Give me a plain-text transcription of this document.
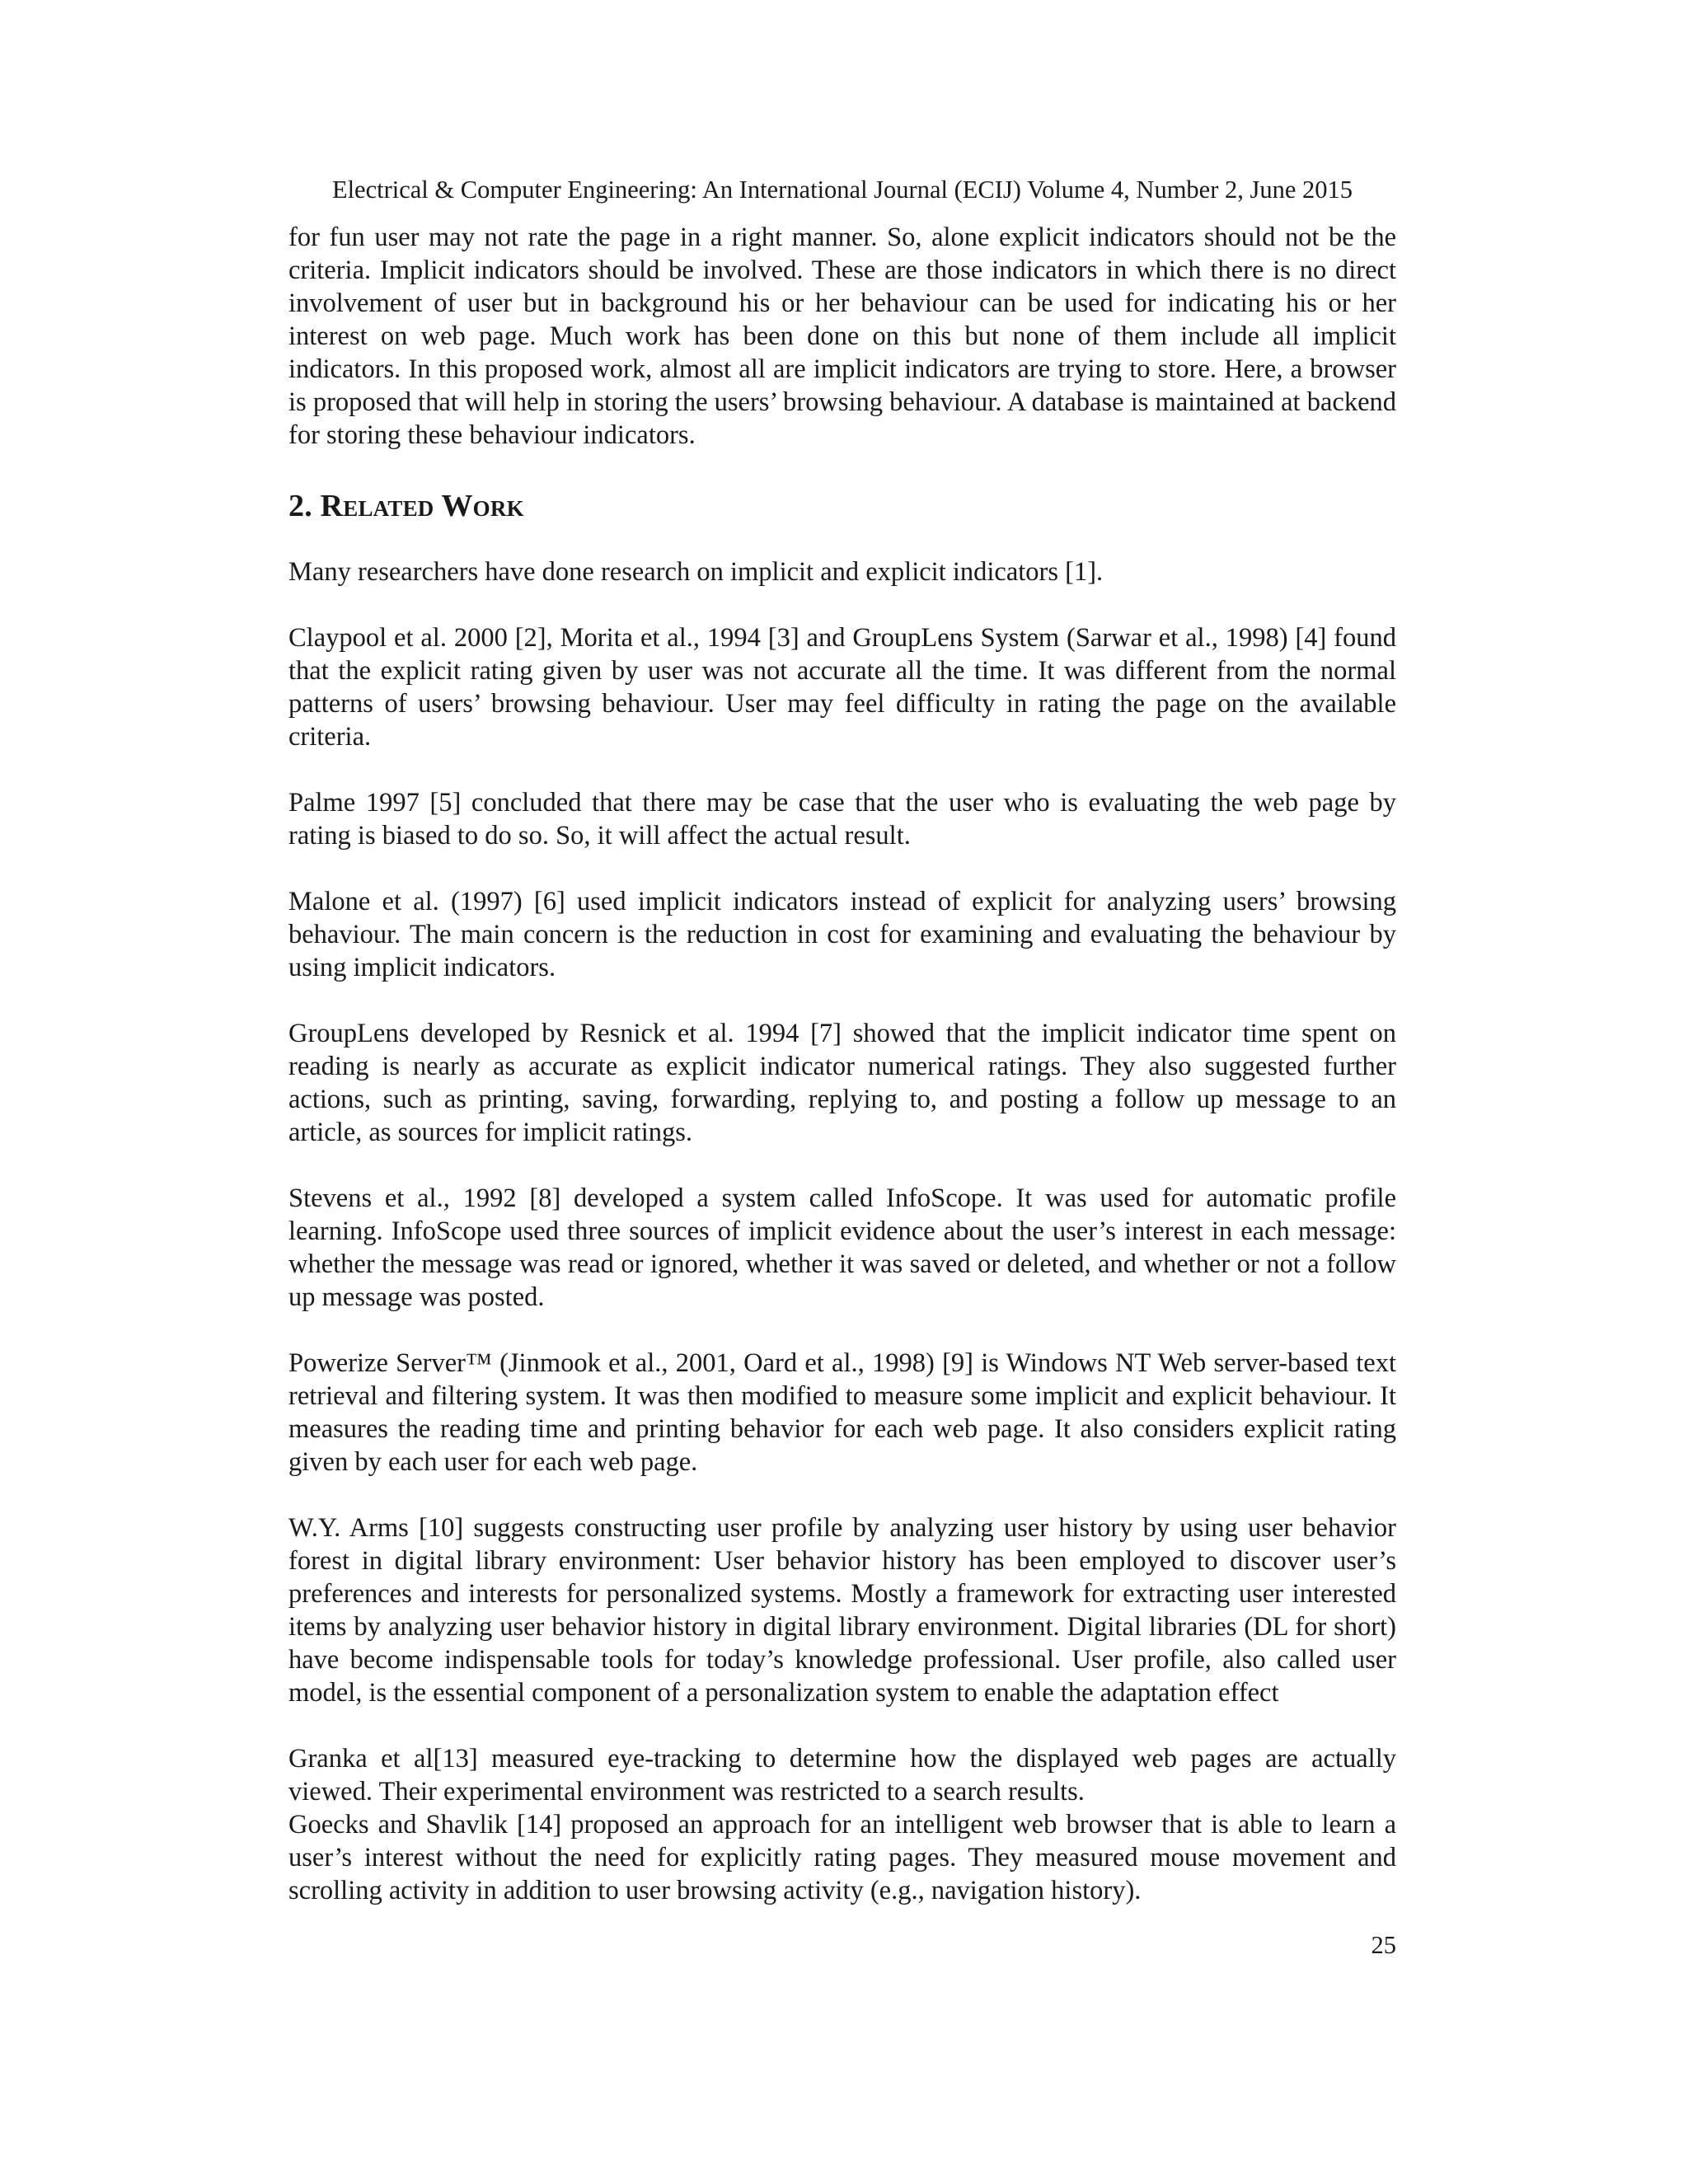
Electrical & Computer Engineering: An International Journal (ECIJ) Volume 4, Number 2, June 2015

for fun user may not rate the page in a right manner. So, alone explicit indicators should not be the criteria. Implicit indicators should be involved. These are those indicators in which there is no direct involvement of user but in background his or her behaviour can be used for indicating his or her interest on web page. Much work has been done on this but none of them include all implicit indicators. In this proposed work, almost all are implicit indicators are trying to store. Here, a browser is proposed that will help in storing the users’ browsing behaviour. A database is maintained at backend for storing these behaviour indicators.

2. Related Work

Many researchers have done research on implicit and explicit indicators [1].

Claypool et al. 2000 [2], Morita et al., 1994 [3] and GroupLens System (Sarwar et al., 1998) [4] found that the explicit rating given by user was not accurate all the time. It was different from the normal patterns of users’ browsing behaviour. User may feel difficulty in rating the page on the available criteria.

Palme 1997 [5] concluded that there may be case that the user who is evaluating the web page by rating is biased to do so. So, it will affect the actual result.

Malone et al. (1997) [6] used implicit indicators instead of explicit for analyzing users’ browsing behaviour. The main concern is the reduction in cost for examining and evaluating the behaviour by using implicit indicators.

GroupLens developed by Resnick et al. 1994 [7] showed that the implicit indicator time spent on reading is nearly as accurate as explicit indicator numerical ratings. They also suggested further actions, such as printing, saving, forwarding, replying to, and posting a follow up message to an article, as sources for implicit ratings.

Stevens et al., 1992 [8] developed a system called InfoScope. It was used for automatic profile learning. InfoScope used three sources of implicit evidence about the user’s interest in each message: whether the message was read or ignored, whether it was saved or deleted, and whether or not a follow up message was posted.

Powerize Server™ (Jinmook et al., 2001, Oard et al., 1998) [9] is Windows NT Web server-based text retrieval and filtering system. It was then modified to measure some implicit and explicit behaviour. It measures the reading time and printing behavior for each web page. It also considers explicit rating given by each user for each web page.

W.Y. Arms [10] suggests constructing user profile by analyzing user history by using user behavior forest in digital library environment: User behavior history has been employed to discover user’s preferences and interests for personalized systems. Mostly a framework for extracting user interested items by analyzing user behavior history in digital library environment. Digital libraries (DL for short) have become indispensable tools for today’s knowledge professional. User profile, also called user model, is the essential component of a personalization system to enable the adaptation effect

Granka et al[13] measured eye-tracking to determine how the displayed web pages are actually viewed. Their experimental environment was restricted to a search results.

Goecks and Shavlik [14] proposed an approach for an intelligent web browser that is able to learn a user’s interest without the need for explicitly rating pages. They measured mouse movement and scrolling activity in addition to user browsing activity (e.g., navigation history).

25
